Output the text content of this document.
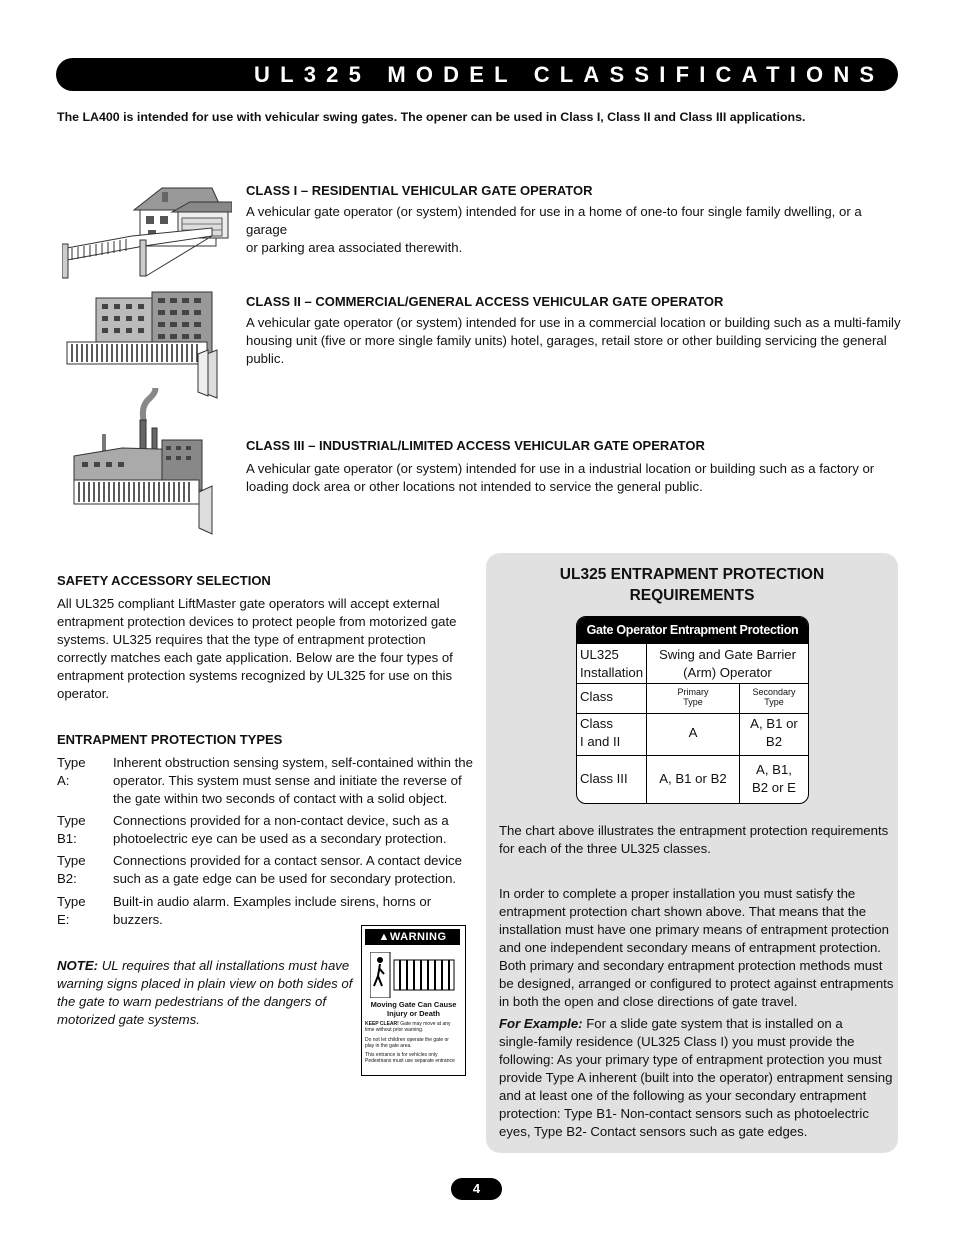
UL325 MODEL CLASSIFICATIONS
The LA400 is intended for use with vehicular swing gates. The opener can be used in Class I, Class II and Class III applications.
CLASS I – RESIDENTIAL VEHICULAR GATE OPERATOR
A vehicular gate operator (or system) intended for use in a home of one-to four single family dwelling, or a garage
or parking area associated therewith.
CLASS II – COMMERCIAL/GENERAL ACCESS VEHICULAR GATE OPERATOR
A vehicular gate operator (or system) intended for use in a commercial location or building such as a multi-family
housing unit (five or more single family units) hotel, garages, retail store or other building servicing the general
public.
CLASS III – INDUSTRIAL/LIMITED ACCESS VEHICULAR GATE OPERATOR
A vehicular gate operator (or system) intended for use in a industrial location or building such as a factory or
loading dock area or other locations not intended to service the general public.
SAFETY ACCESSORY SELECTION
All UL325 compliant LiftMaster gate operators will accept external
entrapment protection devices to protect people from motorized gate
systems. UL325 requires that the type of entrapment protection
correctly matches each gate application. Below are the four types of
entrapment protection systems recognized by UL325 for use on this
operator.
ENTRAPMENT PROTECTION TYPES
Type A:
Inherent obstruction sensing system, self-contained within the
operator. This system must sense and initiate the reverse of
the gate within two seconds of contact with a solid object.
Type B1:
Connections provided for a non-contact device, such as a
photoelectric eye can be used as a secondary protection.
Type B2:
Connections provided for a contact sensor. A contact device
such as a gate edge can be used for secondary protection.
Type E:
Built-in audio alarm. Examples include sirens, horns or
buzzers.
NOTE: UL requires that all installations must have
warning signs placed in plain view on both sides of
the gate to warn pedestrians of the dangers of
motorized gate systems.
▲WARNING
Moving Gate Can Cause
Injury or Death
KEEP CLEAR! Gate may move at any
time without prior warning.
Do not let children operate the gate or
play in the gate area.
This entrance is for vehicles only
Pedestrians must use separate entrance
UL325 ENTRAPMENT PROTECTION
REQUIREMENTS
Gate Operator Entrapment Protection
UL325
Installation
Swing and Gate Barrier
(Arm) Operator
Class	Primary
Type
Secondary
Type
Class
I and II
A
A, B1 or
B2
Class III	A, B1 or B2
A, B1,
B2 or E
The chart above illustrates the entrapment protection requirements
for each of the three UL325 classes.
In order to complete a proper installation you must satisfy the
entrapment protection chart shown above. That means that the
installation must have one primary means of entrapment protection
and one independent secondary means of entrapment protection.
Both primary and secondary entrapment protection methods must
be designed, arranged or configured to protect against entrapments
in both the open and close directions of gate travel.
For Example: For a slide gate system that is installed on a
single-family residence (UL325 Class I) you must provide the
following: As your primary type of entrapment protection you must
provide Type A inherent (built into the operator) entrapment sensing
and at least one of the following as your secondary entrapment
protection: Type B1- Non-contact sensors such as photoelectric
eyes, Type B2- Contact sensors such as gate edges.
4
